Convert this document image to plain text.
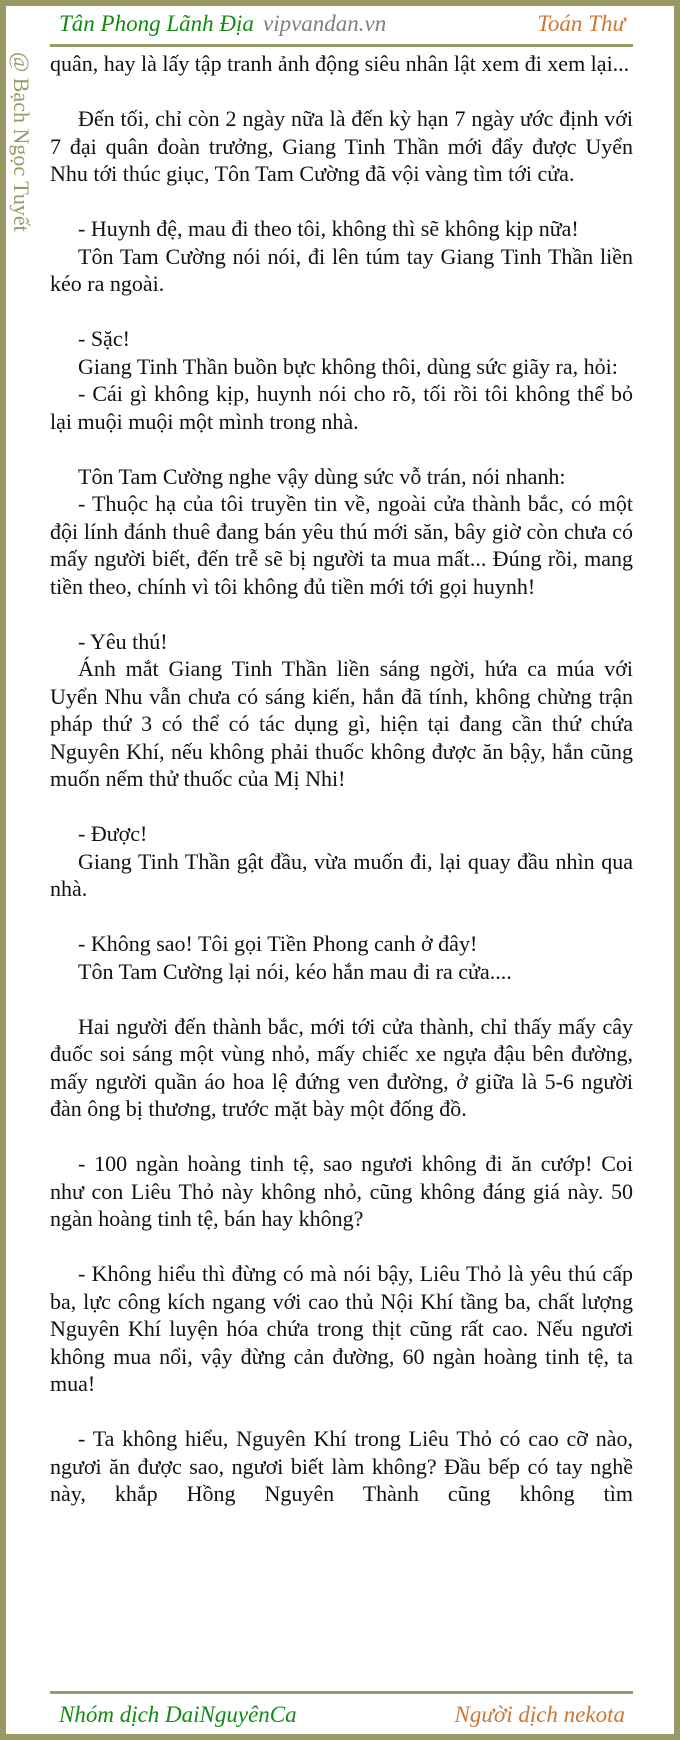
Tân Phong Lãnh Địa vipvandan.vn	Toán Thư
@ Bạch Ngọc Tuyết quân, hay là lấy tập tranh ảnh động siêu nhân lật xem đi xem lại...

Đến tối, chỉ còn 2 ngày nữa là đến kỳ hạn 7 ngày ước định với 7 đại quân đoàn trưởng, Giang Tinh Thần mới đẩy được Uyển Nhu tới thúc giục, Tôn Tam Cường đã vội vàng tìm tới cửa.

- Huynh đệ, mau đi theo tôi, không thì sẽ không kịp nữa!

Tôn Tam Cường nói nói, đi lên túm tay Giang Tinh Thần liền kéo ra ngoài.

- Sặc!

Giang Tinh Thần buồn bực không thôi, dùng sức giãy ra, hỏi:

- Cái gì không kịp, huynh nói cho rõ, tối rồi tôi không thể bỏ lại muội muội một mình trong nhà.

Tôn Tam Cường nghe vậy dùng sức vỗ trán, nói nhanh:

- Thuộc hạ của tôi truyền tin về, ngoài cửa thành bắc, có một đội lính đánh thuê đang bán yêu thú mới săn, bây giờ còn chưa có mấy người biết, đến trễ sẽ bị người ta mua mất... Đúng rồi, mang tiền theo, chính vì tôi không đủ tiền mới tới gọi huynh!

- Yêu thú!

Ánh mắt Giang Tinh Thần liền sáng ngời, hứa ca múa với Uyển Nhu vẫn chưa có sáng kiến, hắn đã tính, không chừng trận pháp thứ 3 có thể có tác dụng gì, hiện tại đang cần thứ chứa Nguyên Khí, nếu không phải thuốc không được ăn bậy, hắn cũng muốn nếm thử thuốc của Mị Nhi!

- Được!

Giang Tinh Thần gật đầu, vừa muốn đi, lại quay đầu nhìn qua nhà.

- Không sao! Tôi gọi Tiền Phong canh ở đây!

Tôn Tam Cường lại nói, kéo hắn mau đi ra cửa....

Hai người đến thành bắc, mới tới cửa thành, chỉ thấy mấy cây đuốc soi sáng một vùng nhỏ, mấy chiếc xe ngựa đậu bên đường, mấy người quần áo hoa lệ đứng ven đường, ở giữa là 5-6 người đàn ông bị thương, trước mặt bày một đống đồ.

- 100 ngàn hoàng tinh tệ, sao ngươi không đi ăn cướp! Coi như con Liêu Thỏ này không nhỏ, cũng không đáng giá này. 50 ngàn hoàng tinh tệ, bán hay không?

- Không hiểu thì đừng có mà nói bậy, Liêu Thỏ là yêu thú cấp ba, lực công kích ngang với cao thủ Nội Khí tầng ba, chất lượng Nguyên Khí luyện hóa chứa trong thịt cũng rất cao. Nếu ngươi không mua nổi, vậy đừng cản đường, 60 ngàn hoàng tinh tệ, ta mua!

- Ta không hiểu, Nguyên Khí trong Liêu Thỏ có cao cỡ nào, ngươi ăn được sao, ngươi biết làm không? Đầu bếp có tay nghề này, khắp Hồng Nguyên Thành cũng không tìm

Nhóm dịch DaiNguyênCa	Người dịch nekota
